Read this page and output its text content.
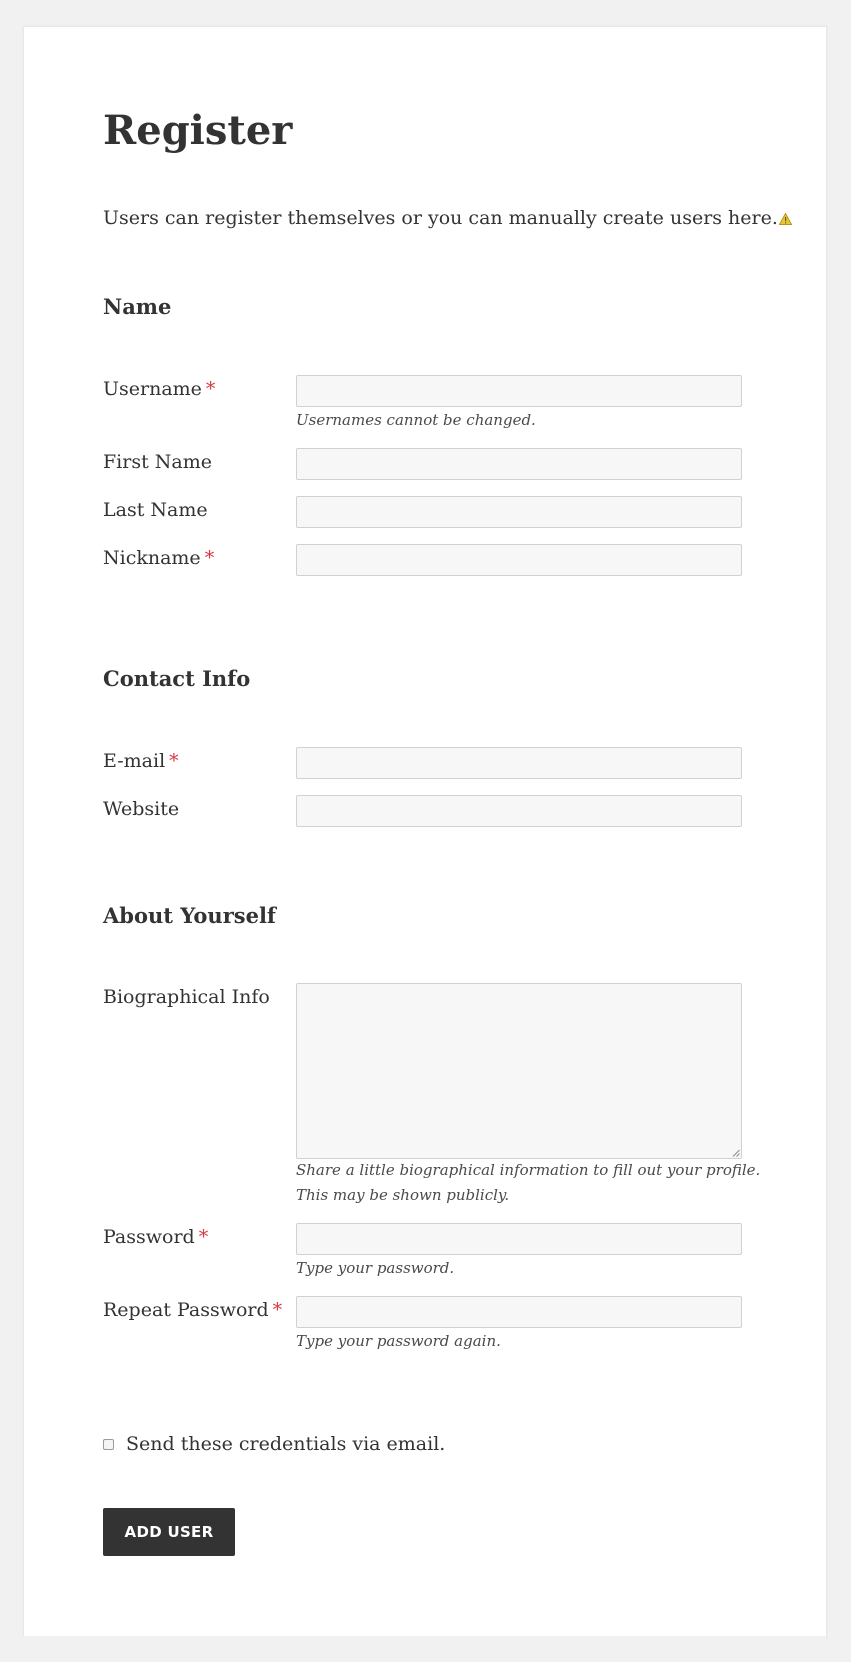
Register
Users can register themselves or you can manually create users here.
Name
Username *
Usernames cannot be changed.
First Name
Last Name
Nickname *
Contact Info
E-mail *
Website
About Yourself
Biographical Info
Share a little biographical information to fill out your profile.
This may be shown publicly.
Password *
Type your password.
Repeat Password *
Type your password again.
Send these credentials via email.
ADD USER
